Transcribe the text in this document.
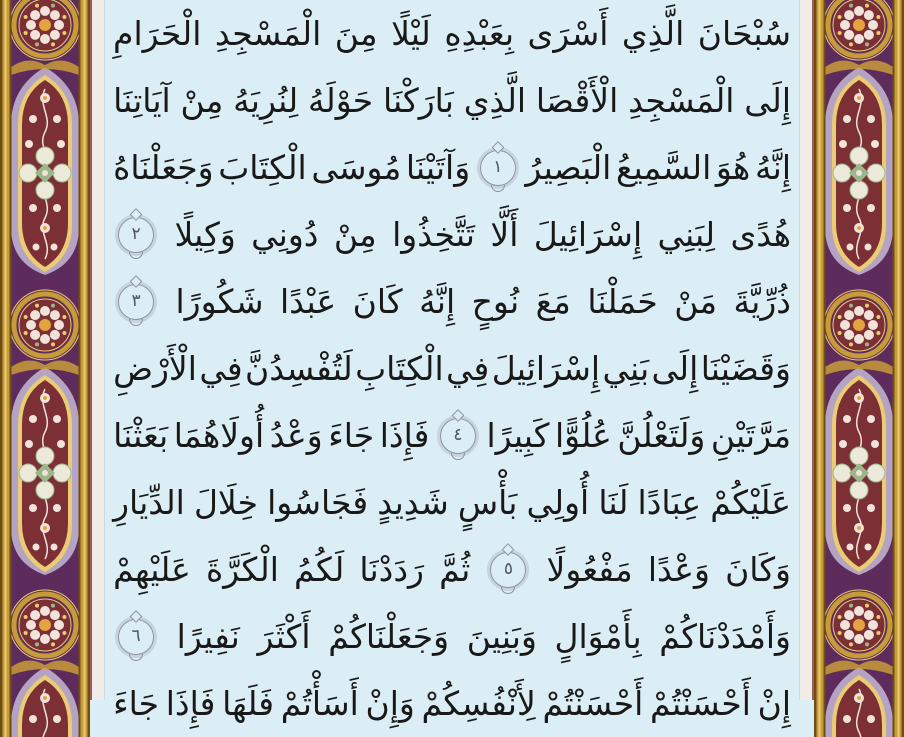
سُبْحَانَ
الَّذِي
أَسْرَى
بِعَبْدِهِ
لَيْلًا
مِنَ
الْمَسْجِدِ
الْحَرَامِ
إِلَى
الْمَسْجِدِ
الْأَقْصَا
الَّذِي
بَارَكْنَا
حَوْلَهُ
لِنُرِيَهُ
مِنْ
آيَاتِنَا
إِنَّهُ
هُوَ
السَّمِيعُ
الْبَصِيرُ
١
وَآتَيْنَا
مُوسَى
الْكِتَابَ
وَجَعَلْنَاهُ
هُدًى
لِبَنِي
إِسْرَائِيلَ
أَلَّا
تَتَّخِذُوا
مِنْ
دُونِي
وَكِيلًا
٢
ذُرِّيَّةَ
مَنْ
حَمَلْنَا
مَعَ
نُوحٍ
إِنَّهُ
كَانَ
عَبْدًا
شَكُورًا
٣
وَقَضَيْنَا
إِلَى
بَنِي
إِسْرَائِيلَ
فِي
الْكِتَابِ
لَتُفْسِدُنَّ
فِي
الْأَرْضِ
مَرَّتَيْنِ
وَلَتَعْلُنَّ
عُلُوًّا
كَبِيرًا
٤
فَإِذَا
جَاءَ
وَعْدُ
أُولَاهُمَا
بَعَثْنَا
عَلَيْكُمْ
عِبَادًا
لَنَا
أُولِي
بَأْسٍ
شَدِيدٍ
فَجَاسُوا
خِلَالَ
الدِّيَارِ
وَكَانَ
وَعْدًا
مَفْعُولًا
٥
ثُمَّ
رَدَدْنَا
لَكُمُ
الْكَرَّةَ
عَلَيْهِمْ
وَأَمْدَدْنَاكُمْ
بِأَمْوَالٍ
وَبَنِينَ
وَجَعَلْنَاكُمْ
أَكْثَرَ
نَفِيرًا
٦
إِنْ
أَحْسَنْتُمْ
أَحْسَنْتُمْ
لِأَنْفُسِكُمْ
وَإِنْ
أَسَأْتُمْ
فَلَهَا
فَإِذَا
جَاءَ
